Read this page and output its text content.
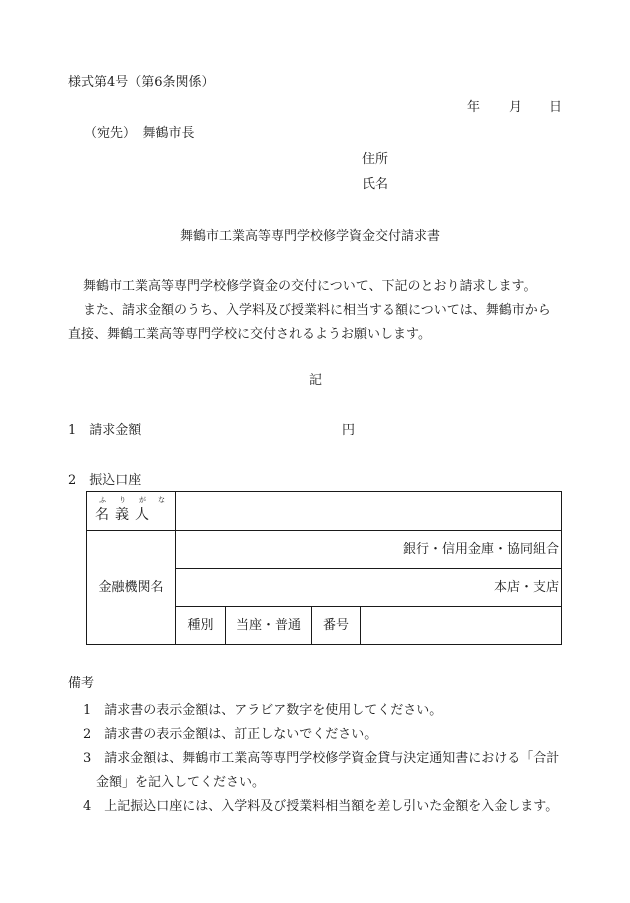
様式第4号（第6条関係）
年 月 日
（宛先）　舞鶴市長
住所
氏名
舞鶴市工業高等専門学校修学資金交付請求書
舞鶴市工業高等専門学校修学資金の交付について、下記のとおり請求します。
また、請求金額のうち、入学料及び授業料に相当する額については、舞鶴市から
直接、舞鶴工業高等専門学校に交付されるようお願いします。
記
1　請求金額	円
2　振込口座
ふ り が な
名義人				

金融機関名	銀行・信用金庫・協同組合			
	本店・支店			
	種別	当座・普通	番号	
備考
1　請求書の表示金額は、アラビア数字を使用してください。
2　請求書の表示金額は、訂正しないでください。
3　請求金額は、舞鶴市工業高等専門学校修学資金貸与決定通知書における「合計
金額」を記入してください。
4　上記振込口座には、入学料及び授業料相当額を差し引いた金額を入金します。
